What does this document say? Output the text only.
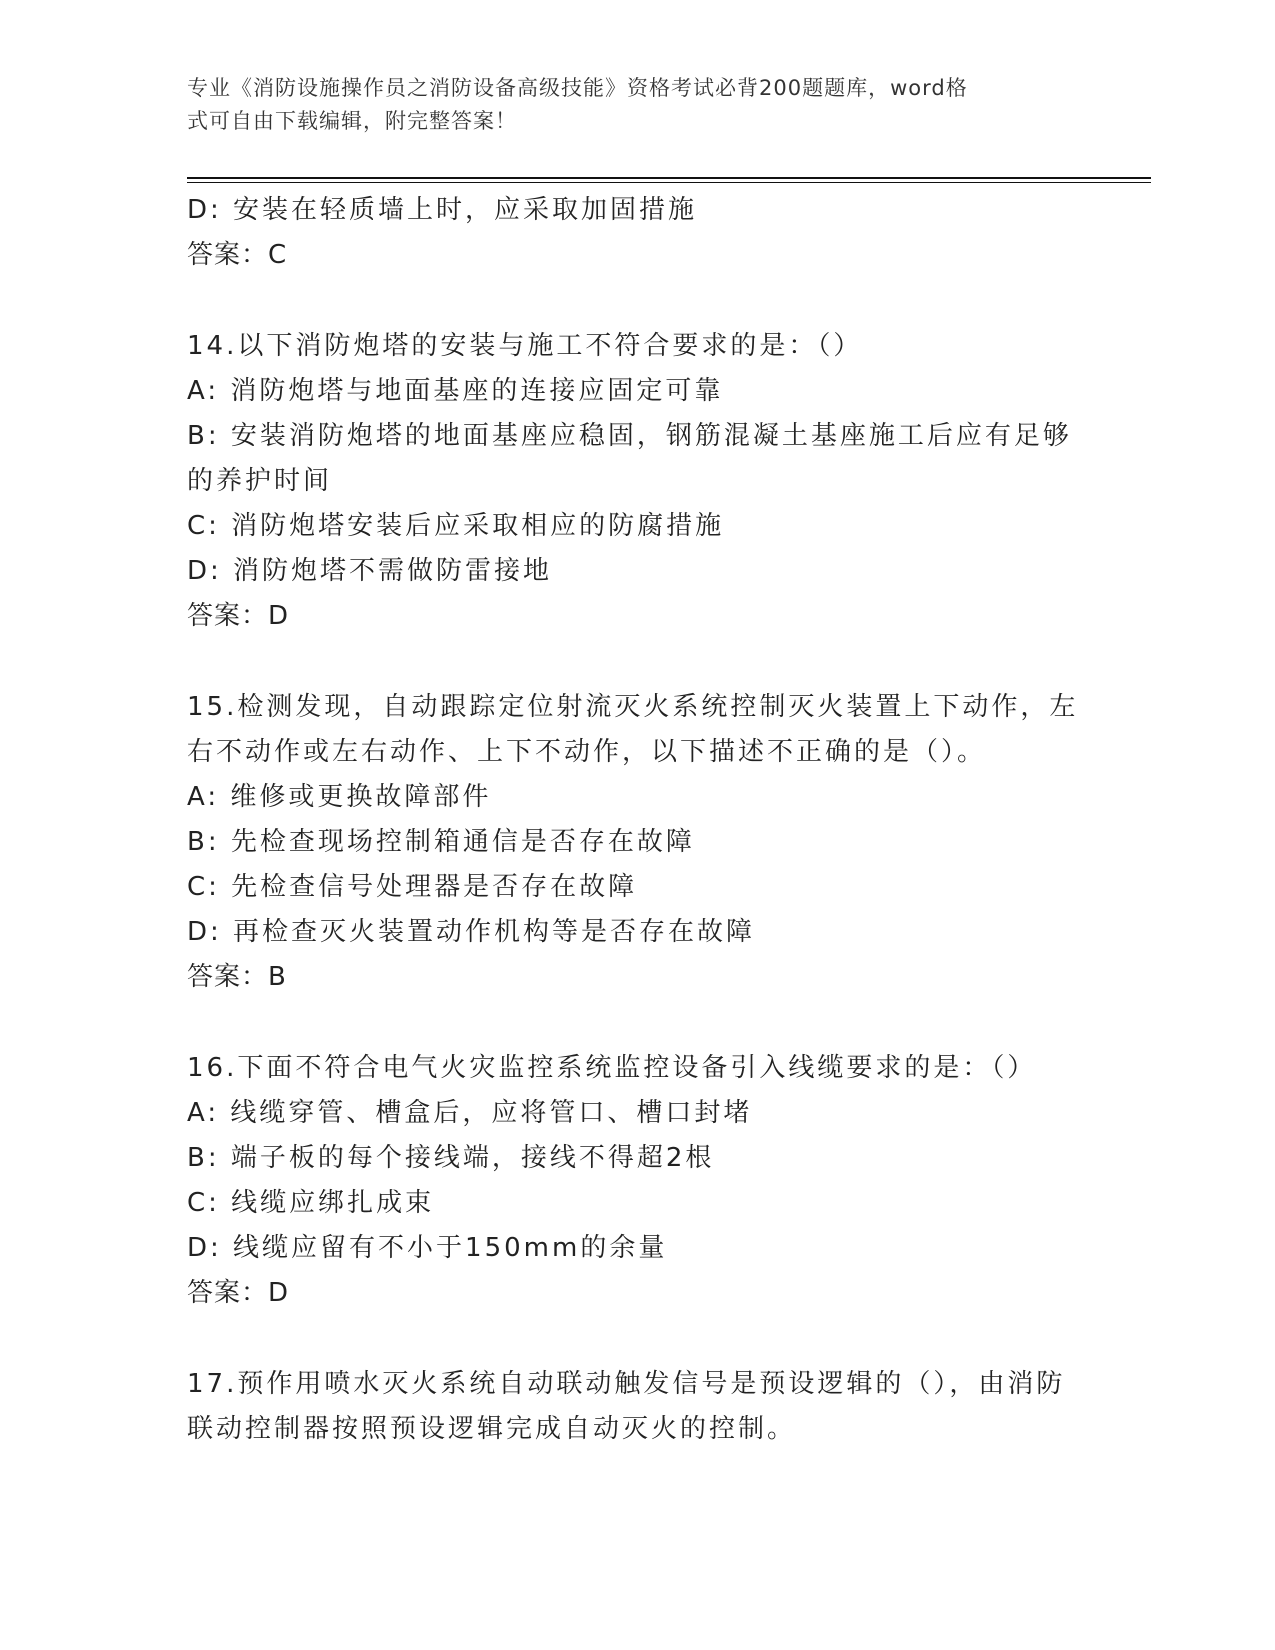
专业《消防设施操作员之消防设备高级技能》资格考试必背200题题库，word格
式可自由下载编辑，附完整答案！

D: 安装在轻质墙上时，应采取加固措施

答案：C

14.以下消防炮塔的安装与施工不符合要求的是：（）

A: 消防炮塔与地面基座的连接应固定可靠

B: 安装消防炮塔的地面基座应稳固，钢筋混凝土基座施工后应有足够

的养护时间

C: 消防炮塔安装后应采取相应的防腐措施

D: 消防炮塔不需做防雷接地

答案：D

15.检测发现，自动跟踪定位射流灭火系统控制灭火装置上下动作，左

右不动作或左右动作、上下不动作，以下描述不正确的是（）。

A: 维修或更换故障部件

B: 先检查现场控制箱通信是否存在故障

C: 先检查信号处理器是否存在故障

D: 再检查灭火装置动作机构等是否存在故障

答案：B

16.下面不符合电气火灾监控系统监控设备引入线缆要求的是：（）

A: 线缆穿管、槽盒后，应将管口、槽口封堵

B: 端子板的每个接线端，接线不得超2根

C: 线缆应绑扎成束

D: 线缆应留有不小于150mm的余量

答案：D

17.预作用喷水灭火系统自动联动触发信号是预设逻辑的（），由消防

联动控制器按照预设逻辑完成自动灭火的控制。
